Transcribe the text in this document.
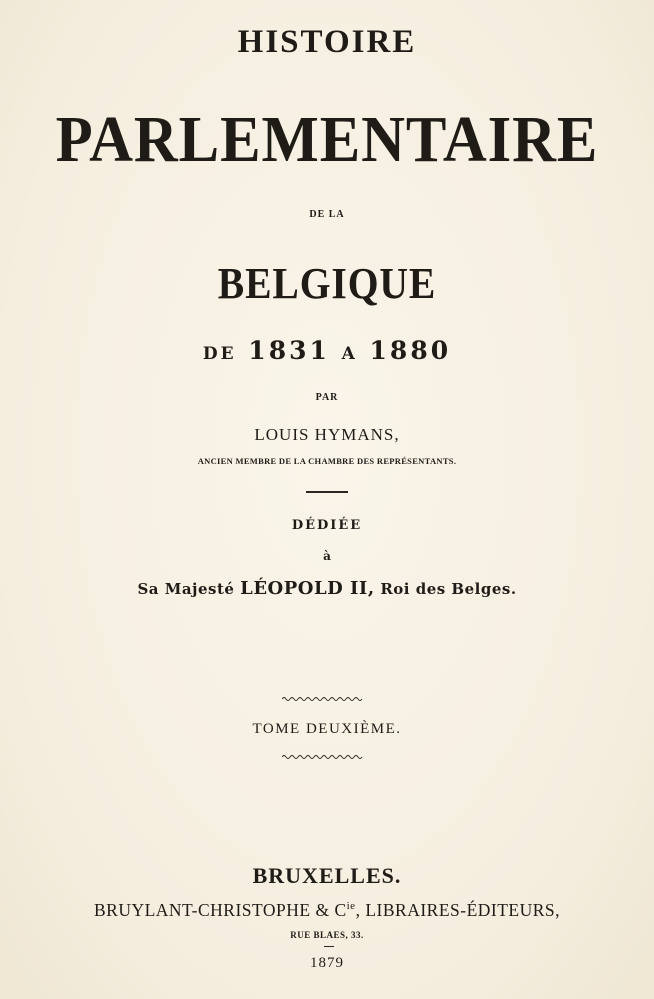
HISTOIRE
PARLEMENTAIRE
DE LA
BELGIQUE
DE 1831 A 1880
PAR
LOUIS HYMANS,
ANCIEN MEMBRE DE LA CHAMBRE DES REPRÉSENTANTS.
DÉDIÉE
à
Sa Majesté LÉOPOLD II, Roi des Belges.
TOME DEUXIÈME.
BRUXELLES.
BRUYLANT-CHRISTOPHE & $C^{ie}$, LIBRAIRES-ÉDITEURS,
RUE BLAES, 33.
1879
